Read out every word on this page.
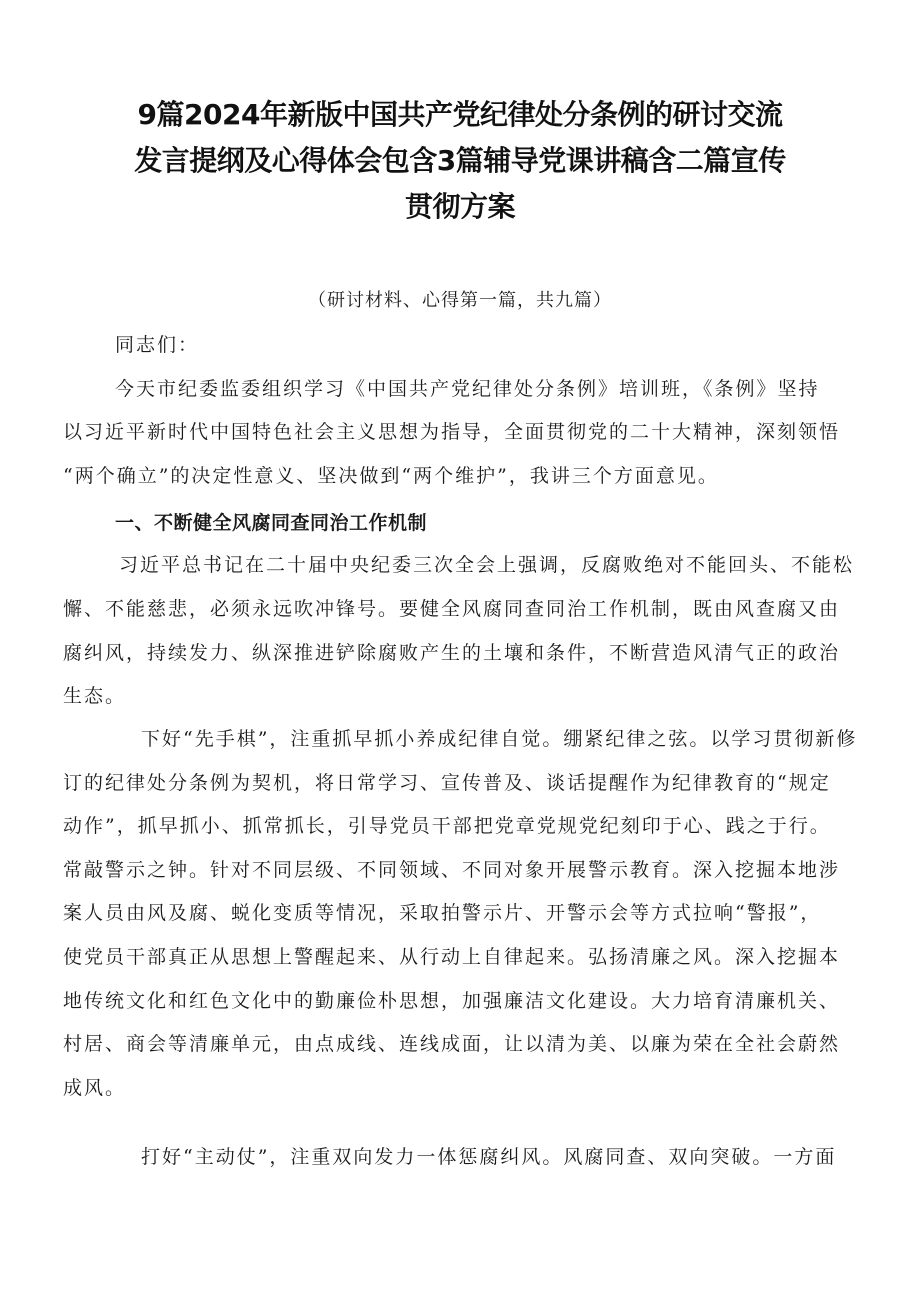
9篇2024年新版中国共产党纪律处分条例的研讨交流
发言提纲及心得体会包含3篇辅导党课讲稿含二篇宣传
贯彻方案
（研讨材料、心得第一篇，共九篇）
同志们：
今天市纪委监委组织学习《中国共产党纪律处分条例》培训班，《条例》坚持
以习近平新时代中国特色社会主义思想为指导，全面贯彻党的二十大精神，深刻领悟
“两个确立”的决定性意义、坚决做到“两个维护”，我讲三个方面意见。
一、不断健全风腐同查同治工作机制
习近平总书记在二十届中央纪委三次全会上强调，反腐败绝对不能回头、不能松
懈、不能慈悲，必须永远吹冲锋号。要健全风腐同查同治工作机制，既由风查腐又由
腐纠风，持续发力、纵深推进铲除腐败产生的土壤和条件，不断营造风清气正的政治
生态。
下好“先手棋”，注重抓早抓小养成纪律自觉。绷紧纪律之弦。以学习贯彻新修
订的纪律处分条例为契机，将日常学习、宣传普及、谈话提醒作为纪律教育的“规定
动作”，抓早抓小、抓常抓长，引导党员干部把党章党规党纪刻印于心、践之于行。
常敲警示之钟。针对不同层级、不同领域、不同对象开展警示教育。深入挖掘本地涉
案人员由风及腐、蜕化变质等情况，采取拍警示片、开警示会等方式拉响“警报”，
使党员干部真正从思想上警醒起来、从行动上自律起来。弘扬清廉之风。深入挖掘本
地传统文化和红色文化中的勤廉俭朴思想，加强廉洁文化建设。大力培育清廉机关、
村居、商会等清廉单元，由点成线、连线成面，让以清为美、以廉为荣在全社会蔚然
成风。
打好“主动仗”，注重双向发力一体惩腐纠风。风腐同查、双向突破。一方面
